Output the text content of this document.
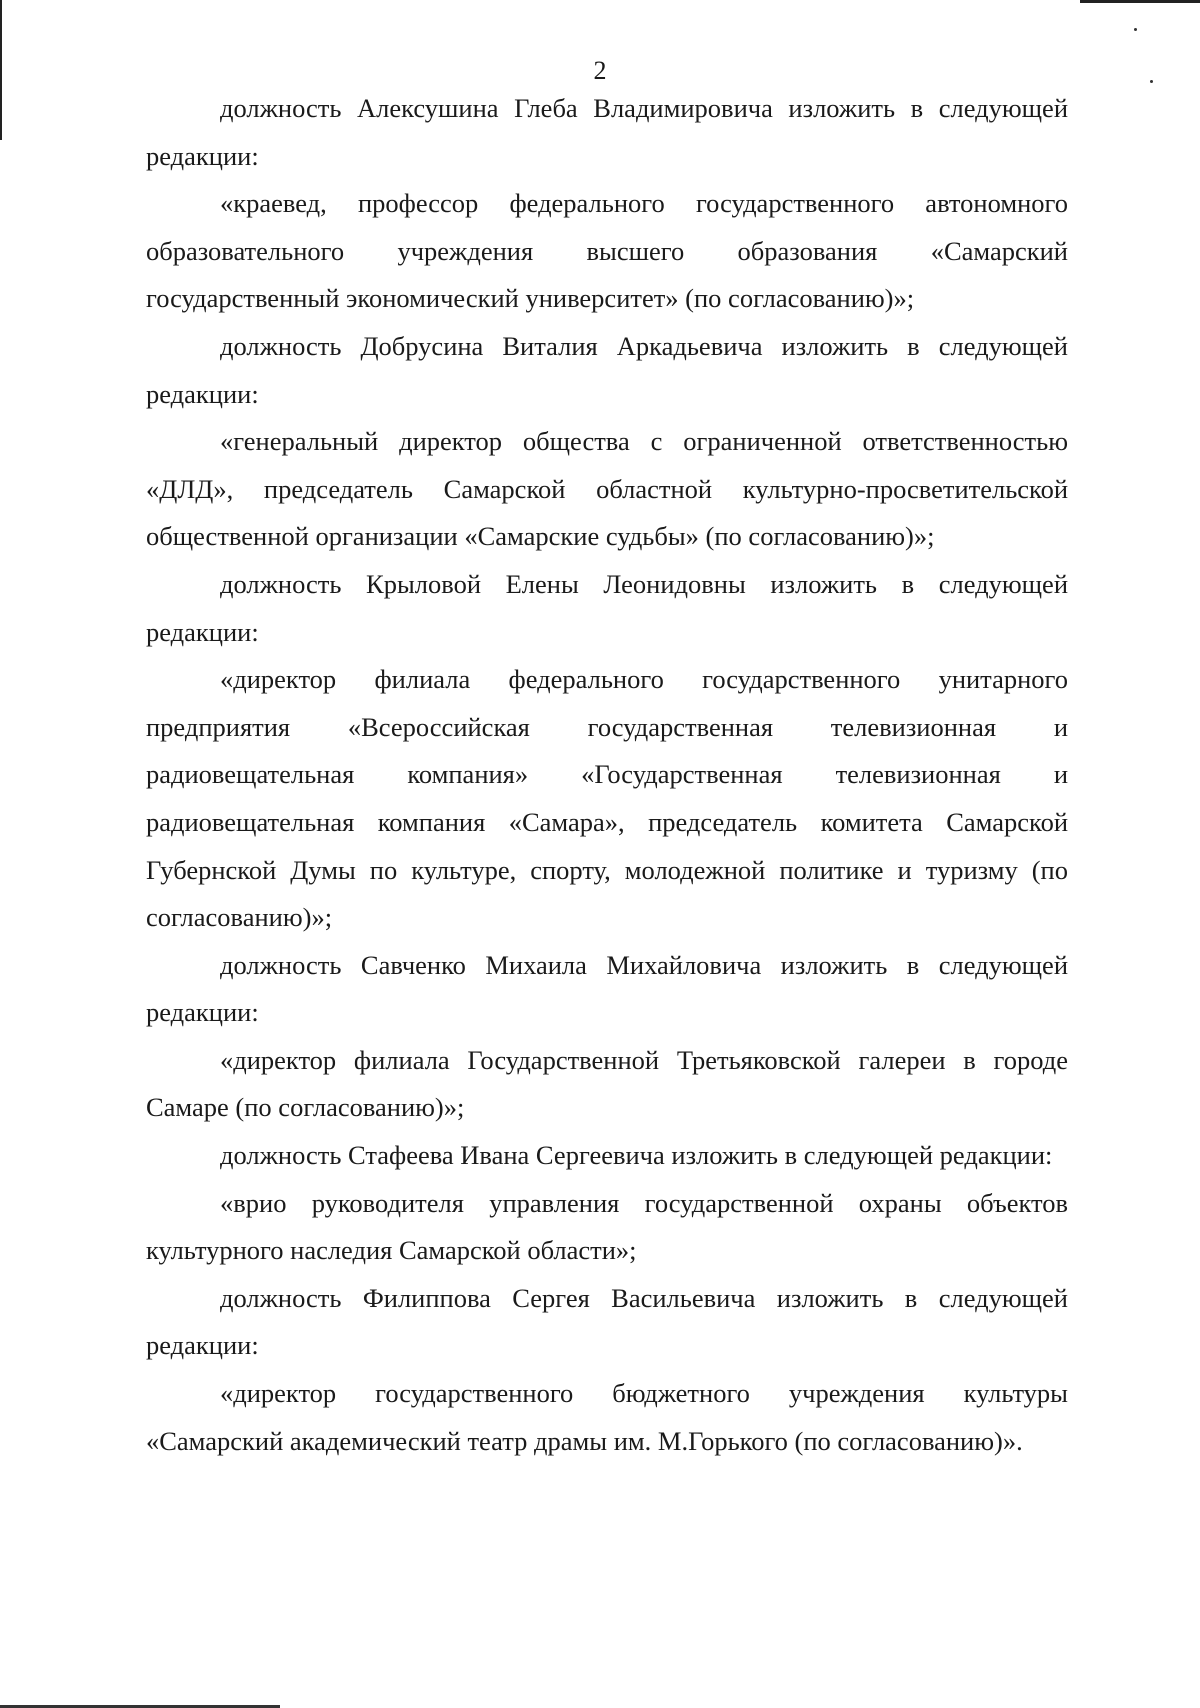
2

должность Алексушина Глеба Владимировича изложить в следующей редакции:

«краевед, профессор федерального государственного автономного образовательного учреждения высшего образования «Самарский государственный экономический университет» (по согласованию)»;

должность Добрусина Виталия Аркадьевича изложить в следующей редакции:

«генеральный директор общества с ограниченной ответственностью «ДЛД», председатель Самарской областной культурно-просветительской общественной организации «Самарские судьбы» (по согласованию)»;

должность Крыловой Елены Леонидовны изложить в следующей редакции:

«директор филиала федерального государственного унитарного предприятия «Всероссийская государственная телевизионная и радиовещательная компания» «Государственная телевизионная и радиовещательная компания «Самара», председатель комитета Самарской Губернской Думы по культуре, спорту, молодежной политике и туризму (по согласованию)»;

должность Савченко Михаила Михайловича изложить в следующей редакции:

«директор филиала Государственной Третьяковской галереи в городе Самаре (по согласованию)»;

должность Стафеева Ивана Сергеевича изложить в следующей редакции:

«врио руководителя управления государственной охраны объектов культурного наследия Самарской области»;

должность Филиппова Сергея Васильевича изложить в следующей редакции:

«директор государственного бюджетного учреждения культуры «Самарский академический театр драмы им. М.Горького (по согласованию)».
